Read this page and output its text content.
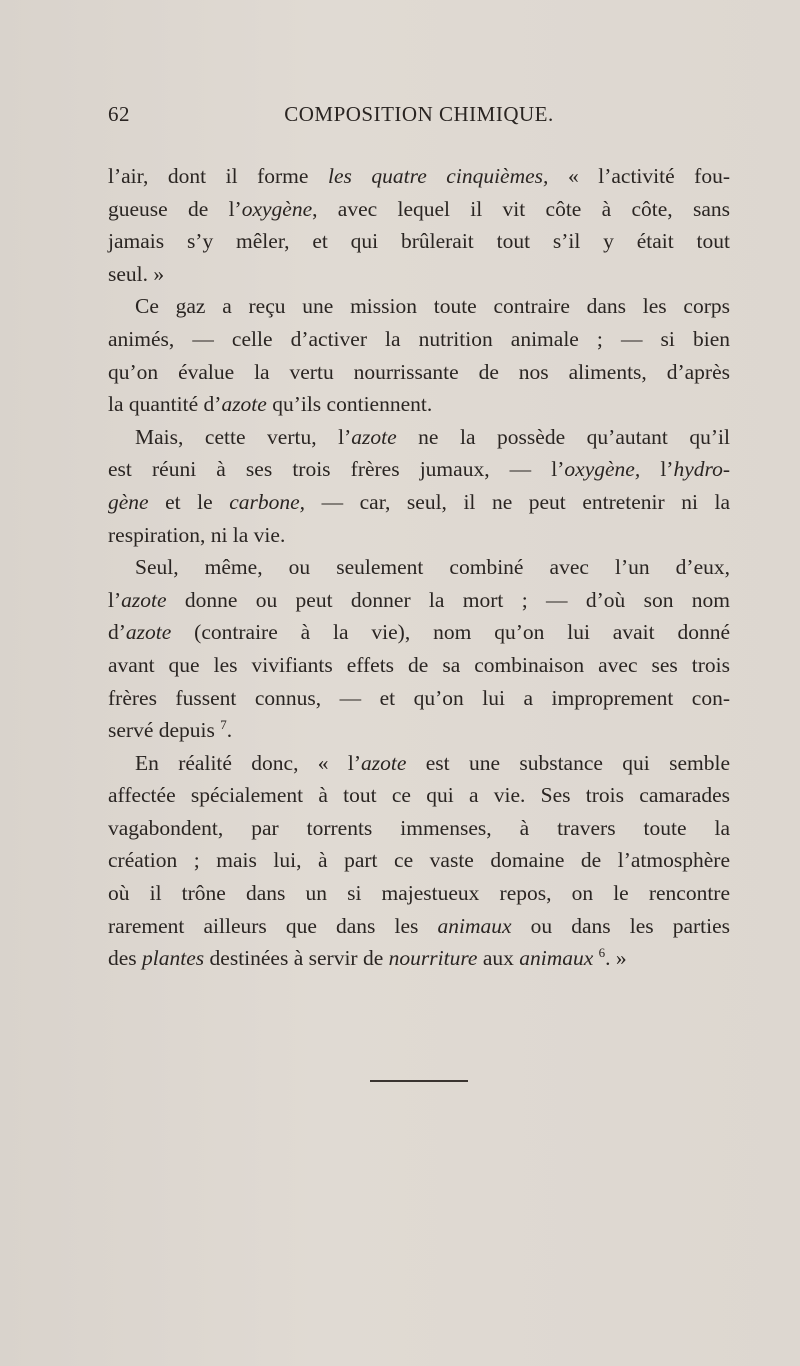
62	COMPOSITION CHIMIQUE.
l’air, dont il forme les quatre cinquièmes, « l’activité fou-
gueuse de l’oxygène, avec lequel il vit côte à côte, sans
jamais s’y mêler, et qui brûlerait tout s’il y était tout
seul. »
Ce gaz a reçu une mission toute contraire dans les corps
animés, — celle d’activer la nutrition animale ; — si bien
qu’on évalue la vertu nourrissante de nos aliments, d’après
la quantité d’azote qu’ils contiennent.
Mais, cette vertu, l’azote ne la possède qu’autant qu’il
est réuni à ses trois frères jumaux, — l’oxygène, l’hydro-
gène et le carbone, — car, seul, il ne peut entretenir ni la
respiration, ni la vie.
Seul, même, ou seulement combiné avec l’un d’eux,
l’azote donne ou peut donner la mort ; — d’où son nom
d’azote (contraire à la vie), nom qu’on lui avait donné
avant que les vivifiants effets de sa combinaison avec ses trois
frères fussent connus, — et qu’on lui a improprement con-
servé depuis $^7$.
En réalité donc, « l’azote est une substance qui semble
affectée spécialement à tout ce qui a vie. Ses trois camarades
vagabondent, par torrents immenses, à travers toute la
création ; mais lui, à part ce vaste domaine de l’atmosphère
où il trône dans un si majestueux repos, on le rencontre
rarement ailleurs que dans les animaux ou dans les parties
des plantes destinées à servir de nourriture aux animaux $^6$. »
